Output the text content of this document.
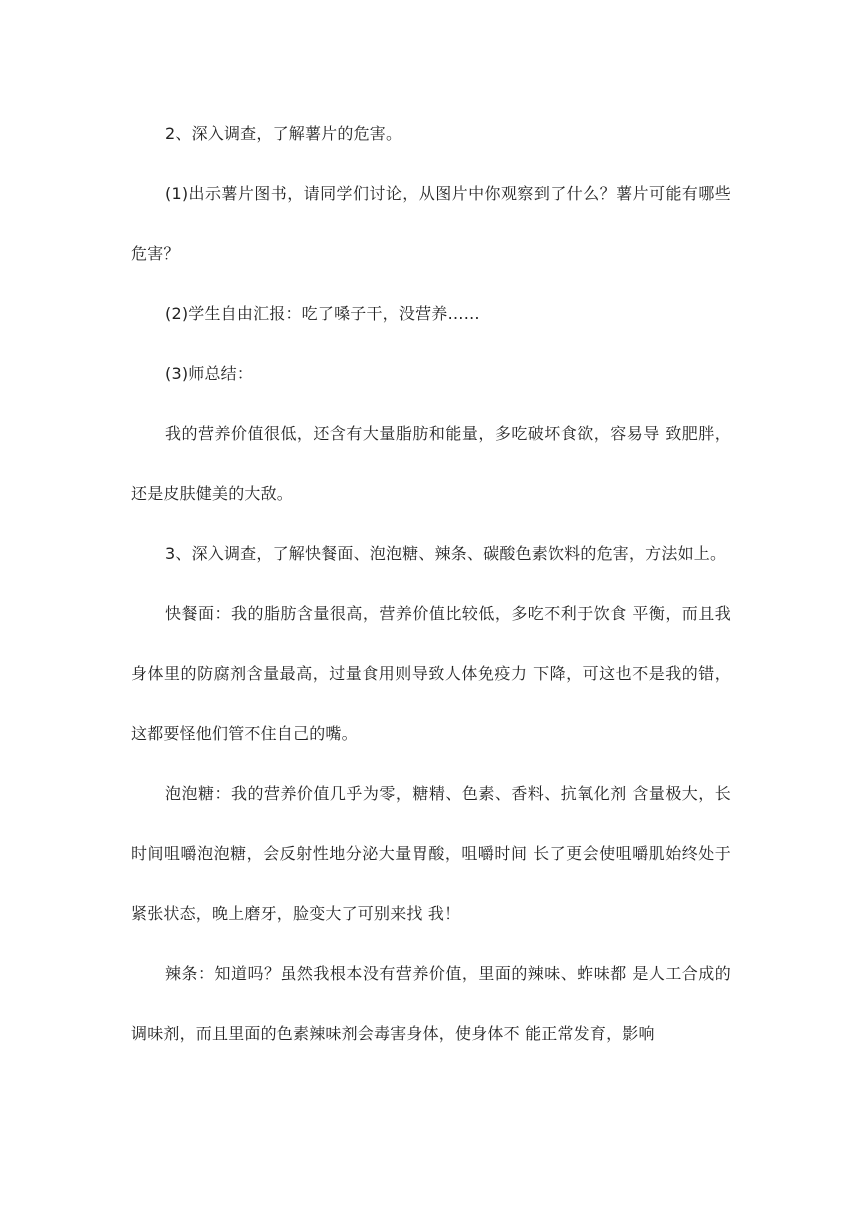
2、深入调查，了解薯片的危害。

(1)出示薯片图书，请同学们讨论，从图片中你观察到了什么？薯片可能有哪些危害？

(2)学生自由汇报：吃了嗓子干，没营养……

(3)师总结：

我的营养价值很低，还含有大量脂肪和能量，多吃破坏食欲，容易导 致肥胖，还是皮肤健美的大敌。

3、深入调查，了解快餐面、泡泡糖、辣条、碳酸色素饮料的危害，方法如上。

快餐面：我的脂肪含量很高，营养价值比较低，多吃不利于饮食 平衡，而且我身体里的防腐剂含量最高，过量食用则导致人体免疫力 下降，可这也不是我的错，这都要怪他们管不住自己的嘴。

泡泡糖：我的营养价值几乎为零，糖精、色素、香料、抗氧化剂 含量极大，长时间咀嚼泡泡糖，会反射性地分泌大量胃酸，咀嚼时间 长了更会使咀嚼肌始终处于紧张状态，晚上磨牙，脸变大了可别来找 我！

辣条：知道吗？虽然我根本没有营养价值，里面的辣味、蚱味都 是人工合成的调味剂，而且里面的色素辣味剂会毒害身体，使身体不 能正常发育，影响
